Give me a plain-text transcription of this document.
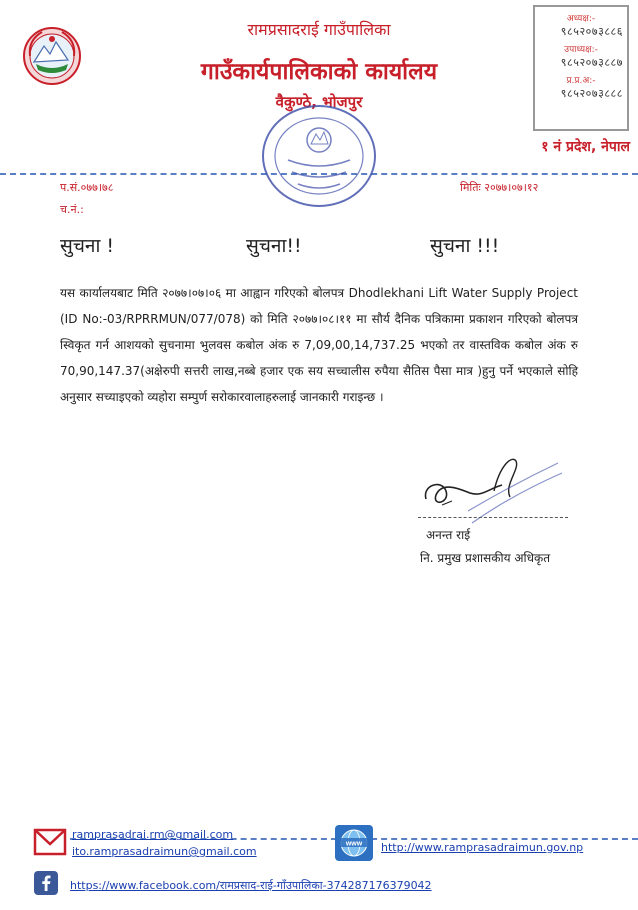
रामप्रसादराई गाउँपालिका
गाउँकार्यपालिकाको कार्यालय
वैकुण्ठे, भोजपुर
अध्यक्ष:-
९८५२०७३८८६
उपाध्यक्ष:-
९८५२०७३८८७
प्र.प्र.अ:-
९८५२०७३८८८
१ नं प्रदेश, नेपाल
प.सं.०७७।७८
च.नं.:
मितिः २०७७।०७।१२
सुचना !	सुचना!!	सुचना !!!
यस कार्यालयबाट मिति २०७७।०७।०६ मा आह्वान गरिएको बोलपत्र Dhodlekhani Lift Water Supply Project (ID No:-03/RPRRMUN/077/078) को मिति २०७७।०८।११ मा सौर्य दैनिक पत्रिकामा प्रकाशन गरिएको बोलपत्र स्विकृत गर्न आशयको सुचनामा भुलवस कबोल अंक रु 7,09,00,14,737.25 भएको तर वास्तविक कबोल अंक रु 70,90,147.37(अक्षेरुपी सत्तरी लाख,नब्बे हजार एक सय सच्चालीस रुपैया सैतिस पैसा मात्र )हुनु पर्ने भएकाले सोहि अनुसार सच्याइएको व्यहोरा सम्पुर्ण सरोकारवालाहरुलाई जानकारी गराइन्छ ।
अनन्त राई
नि. प्रमुख प्रशासकीय अधिकृत
ramprasadrai.rm@gmail.com
ito.ramprasadraimun@gmail.com
www http://www.ramprasadraimun.gov.np
https://www.facebook.com/रामप्रसाद-राई-गाँउपालिका-374287176379042
